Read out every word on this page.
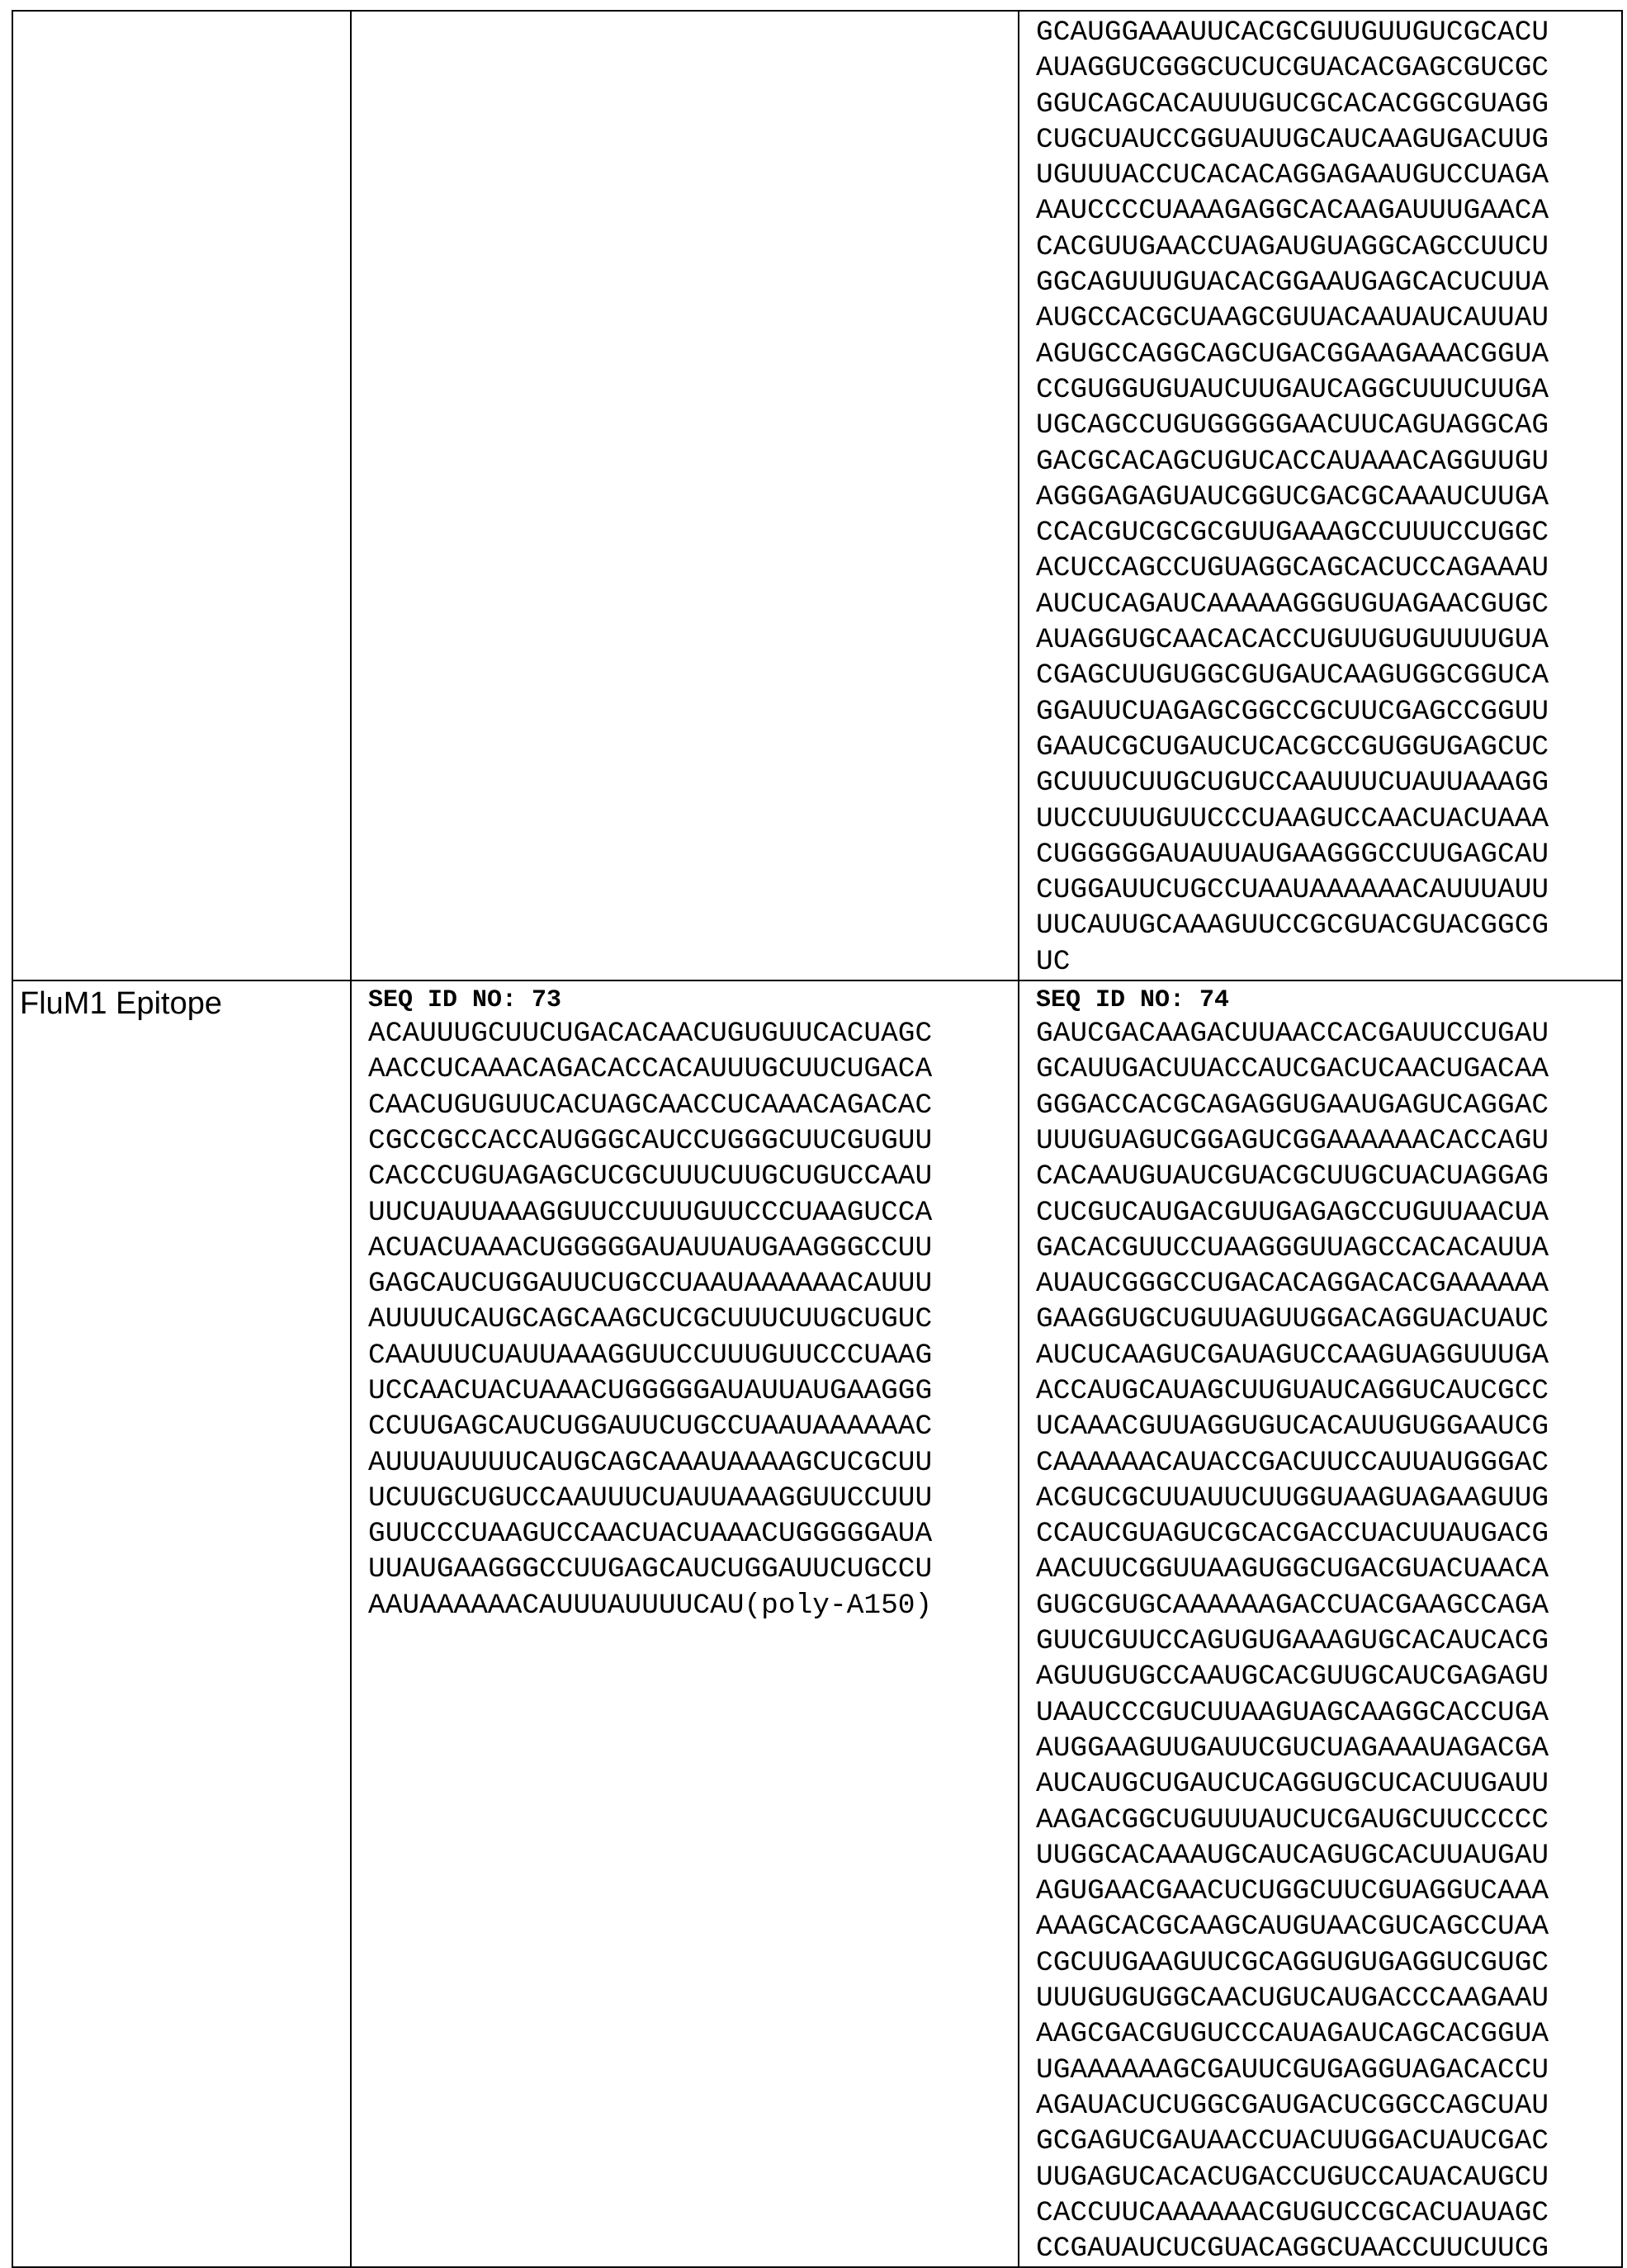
GCAUGGAAAUUCACGCGUUGUUGUCGCACU
AUAGGUCGGGCUCUCGUACACGAGCGUCGC
GGUCAGCACAUUUGUCGCACACGGCGUAGG
CUGCUAUCCGGUAUUGCAUCAAGUGACUUG
UGUUUACCUCACACAGGAGAAUGUCCUAGA
AAUCCCCUAAAGAGGCACAAGAUUUGAACA
CACGUUGAACCUAGAUGUAGGCAGCCUUCU
GGCAGUUUGUACACGGAAUGAGCACUCUUA
AUGCCACGCUAAGCGUUACAAUAUCAUUAU
AGUGCCAGGCAGCUGACGGAAGAAACGGUA
CCGUGGUGUAUCUUGAUCAGGCUUUCUUGA
UGCAGCCUGUGGGGGAACUUCAGUAGGCAG
GACGCACAGCUGUCACCAUAAACAGGUUGU
AGGGAGAGUAUCGGUCGACGCAAAUCUUGA
CCACGUCGCGCGUUGAAAGCCUUUCCUGGC
ACUCCAGCCUGUAGGCAGCACUCCAGAAAU
AUCUCAGAUCAAAAAGGGUGUAGAACGUGC
AUAGGUGCAACACACCUGUUGUGUUUUGUA
CGAGCUUGUGGCGUGAUCAAGUGGCGGUCA
GGAUUCUAGAGCGGCCGCUUCGAGCCGGUU
GAAUCGCUGAUCUCACGCCGUGGUGAGCUC
GCUUUCUUGCUGUCCAAUUUCUAUUAAAGG
UUCCUUUGUUCCCUAAGUCCAACUACUAAA
CUGGGGGAUAUUAUGAAGGGCCUUGAGCAU
CUGGAUUCUGCCUAAUAAAAAACAUUUAUU
UUCAUUGCAAAGUUCCGCGUACGUACGGCG
UC

FluM1 Epitope	SEQ ID NO: 73
ACAUUUGCUUCUGACACAACUGUGUUCACUAGC
AACCUCAAACAGACACCACAUUUGCUUCUGACA
CAACUGUGUUCACUAGCAACCUCAAACAGACAC
CGCCGCCACCAUGGGCAUCCUGGGCUUCGUGUU
CACCCUGUAGAGCUCGCUUUCUUGCUGUCCAAU
UUCUAUUAAAGGUUCCUUUGUUCCCUAAGUCCA
ACUACUAAACUGGGGGAUAUUAUGAAGGGCCUU
GAGCAUCUGGAUUCUGCCUAAUAAAAAACAUUU
AUUUUCAUGCAGCAAGCUCGCUUUCUUGCUGUC
CAAUUUCUAUUAAAGGUUCCUUUGUUCCCUAAG
UCCAACUACUAAACUGGGGGAUAUUAUGAAGGG
CCUUGAGCAUCUGGAUUCUGCCUAAUAAAAAAC
AUUUAUUUUCAUGCAGCAAAUAAAAGCUCGCUU
UCUUGCUGUCCAAUUUCUAUUAAAGGUUCCUUU
GUUCCCUAAGUCCAACUACUAAACUGGGGGAUA
UUAUGAAGGGCCUUGAGCAUCUGGAUUCUGCCU
AAUAAAAAACAUUUAUUUUCAU(poly-A150)

SEQ ID NO: 74
GAUCGACAAGACUUAACCACGAUUCCUGAU
GCAUUGACUUACCAUCGACUCAACUGACAA
GGGACCACGCAGAGGUGAAUGAGUCAGGAC
UUUGUAGUCGGAGUCGGAAAAAACACCAGU
CACAAUGUAUCGUACGCUUGCUACUAGGAG
CUCGUCAUGACGUUGAGAGCCUGUUAACUA
GACACGUUCCUAAGGGUUAGCCACACAUUA
AUAUCGGGCCUGACACAGGACACGAAAAAA
GAAGGUGCUGUUAGUUGGACAGGUACUAUC
AUCUCAAGUCGAUAGUCCAAGUAGGUUUGA
ACCAUGCAUAGCUUGUAUCAGGUCAUCGCC
UCAAACGUUAGGUGUCACAUUGUGGAAUCG
CAAAAAACAUACCGACUUCCAUUAUGGGAC
ACGUCGCUUAUUCUUGGUAAGUAGAAGUUG
CCAUCGUAGUCGCACGACCUACUUAUGACG
AACUUCGGUUAAGUGGCUGACGUACUAACA
GUGCGUGCAAAAAAGACCUACGAAGCCAGA
GUUCGUUCCAGUGUGAAAGUGCACAUCACG
AGUUGUGCCAAUGCACGUUGCAUCGAGAGU
UAAUCCCGUCUUAAGUAGCAAGGCACCUGA
AUGGAAGUUGAUUCGUCUAGAAAUAGACGA
AUCAUGCUGAUCUCAGGUGCUCACUUGAUU
AAGACGGCUGUUUAUCUCGAUGCUUCCCCC
UUGGCACAAAUGCAUCAGUGCACUUAUGAU
AGUGAACGAACUCUGGCUUCGUAGGUCAAA
AAAGCACGCAAGCAUGUAACGUCAGCCUAA
CGCUUGAAGUUCGCAGGUGUGAGGUCGUGC
UUUGUGUGGCAACUGUCAUGACCCAAGAAU
AAGCGACGUGUCCCAUAGAUCAGCACGGUA
UGAAAAAAGCGAUUCGUGAGGUAGACACCU
AGAUACUCUGGCGAUGACUCGGCCAGCUAU
GCGAGUCGAUAACCUACUUGGACUAUCGAC
UUGAGUCACACUGACCUGUCCAUACAUGCU
CACCUUCAAAAAACGUGUCCGCACUAUAGC
CCGAUAUCUCGUACAGGCUAACCUUCUUCG
